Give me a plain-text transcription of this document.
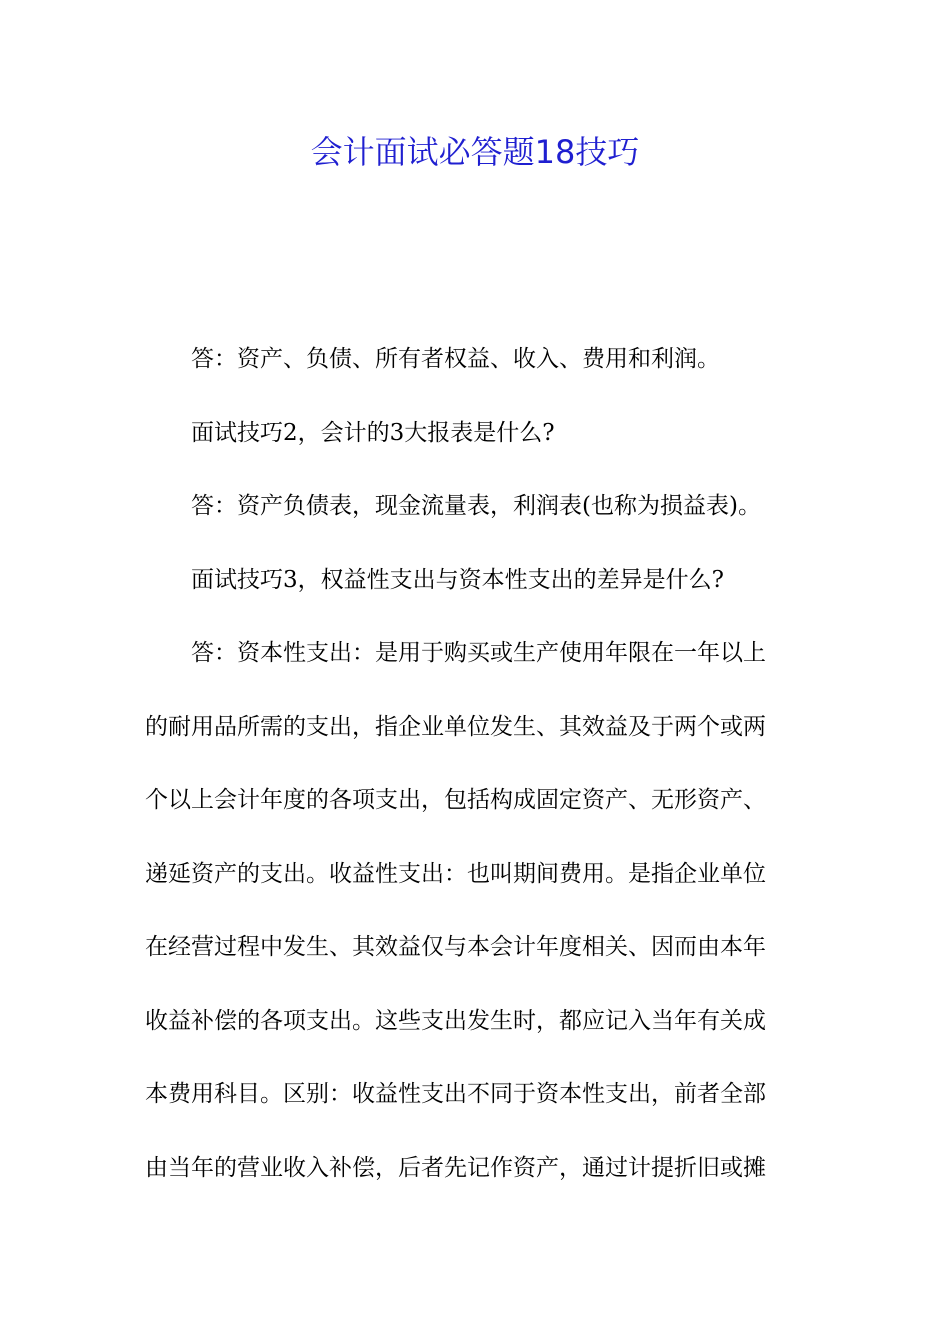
会计面试必答题18技巧

答：资产、负债、所有者权益、收入、费用和利润。

面试技巧2，会计的3大报表是什么?

答：资产负债表，现金流量表，利润表(也称为损益表)。

面试技巧3，权益性支出与资本性支出的差异是什么?

答：资本性支出：是用于购买或生产使用年限在一年以上
的耐用品所需的支出，指企业单位发生、其效益及于两个或两
个以上会计年度的各项支出，包括构成固定资产、无形资产、
递延资产的支出。收益性支出：也叫期间费用。是指企业单位
在经营过程中发生、其效益仅与本会计年度相关、因而由本年
收益补偿的各项支出。这些支出发生时，都应记入当年有关成
本费用科目。区别：收益性支出不同于资本性支出，前者全部
由当年的营业收入补偿，后者先记作资产，通过计提折旧或摊
